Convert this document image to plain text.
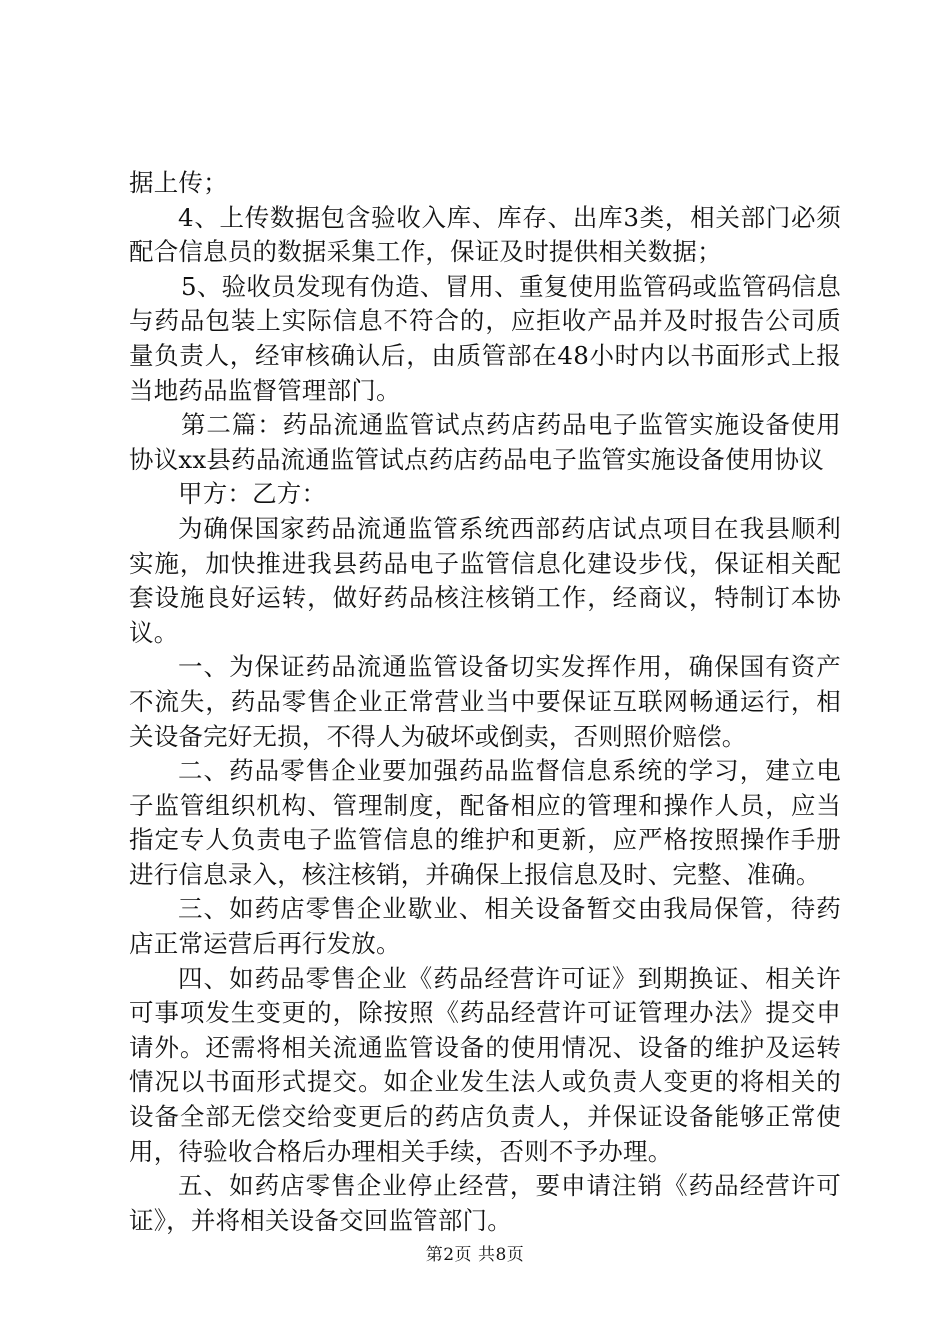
据上传；

4、上传数据包含验收入库、库存、出库3类，相关部门必须配合信息员的数据采集工作，保证及时提供相关数据；

5、验收员发现有伪造、冒用、重复使用监管码或监管码信息与药品包装上实际信息不符合的，应拒收产品并及时报告公司质量负责人，经审核确认后，由质管部在48小时内以书面形式上报当地药品监督管理部门。

第二篇：药品流通监管试点药店药品电子监管实施设备使用协议xx县药品流通监管试点药店药品电子监管实施设备使用协议

甲方：乙方：

为确保国家药品流通监管系统西部药店试点项目在我县顺利实施，加快推进我县药品电子监管信息化建设步伐，保证相关配套设施良好运转，做好药品核注核销工作，经商议，特制订本协议。

一、为保证药品流通监管设备切实发挥作用，确保国有资产不流失，药品零售企业正常营业当中要保证互联网畅通运行，相关设备完好无损，不得人为破坏或倒卖，否则照价赔偿。

二、药品零售企业要加强药品监督信息系统的学习，建立电子监管组织机构、管理制度，配备相应的管理和操作人员，应当指定专人负责电子监管信息的维护和更新，应严格按照操作手册进行信息录入，核注核销，并确保上报信息及时、完整、准确。

三、如药店零售企业歇业、相关设备暂交由我局保管，待药店正常运营后再行发放。

四、如药品零售企业《药品经营许可证》到期换证、相关许可事项发生变更的，除按照《药品经营许可证管理办法》提交申请外。还需将相关流通监管设备的使用情况、设备的维护及运转情况以书面形式提交。如企业发生法人或负责人变更的将相关的设备全部无偿交给变更后的药店负责人，并保证设备能够正常使用，待验收合格后办理相关手续，否则不予办理。

五、如药店零售企业停止经营，要申请注销《药品经营许可证》，并将相关设备交回监管部门。

第2页 共8页
